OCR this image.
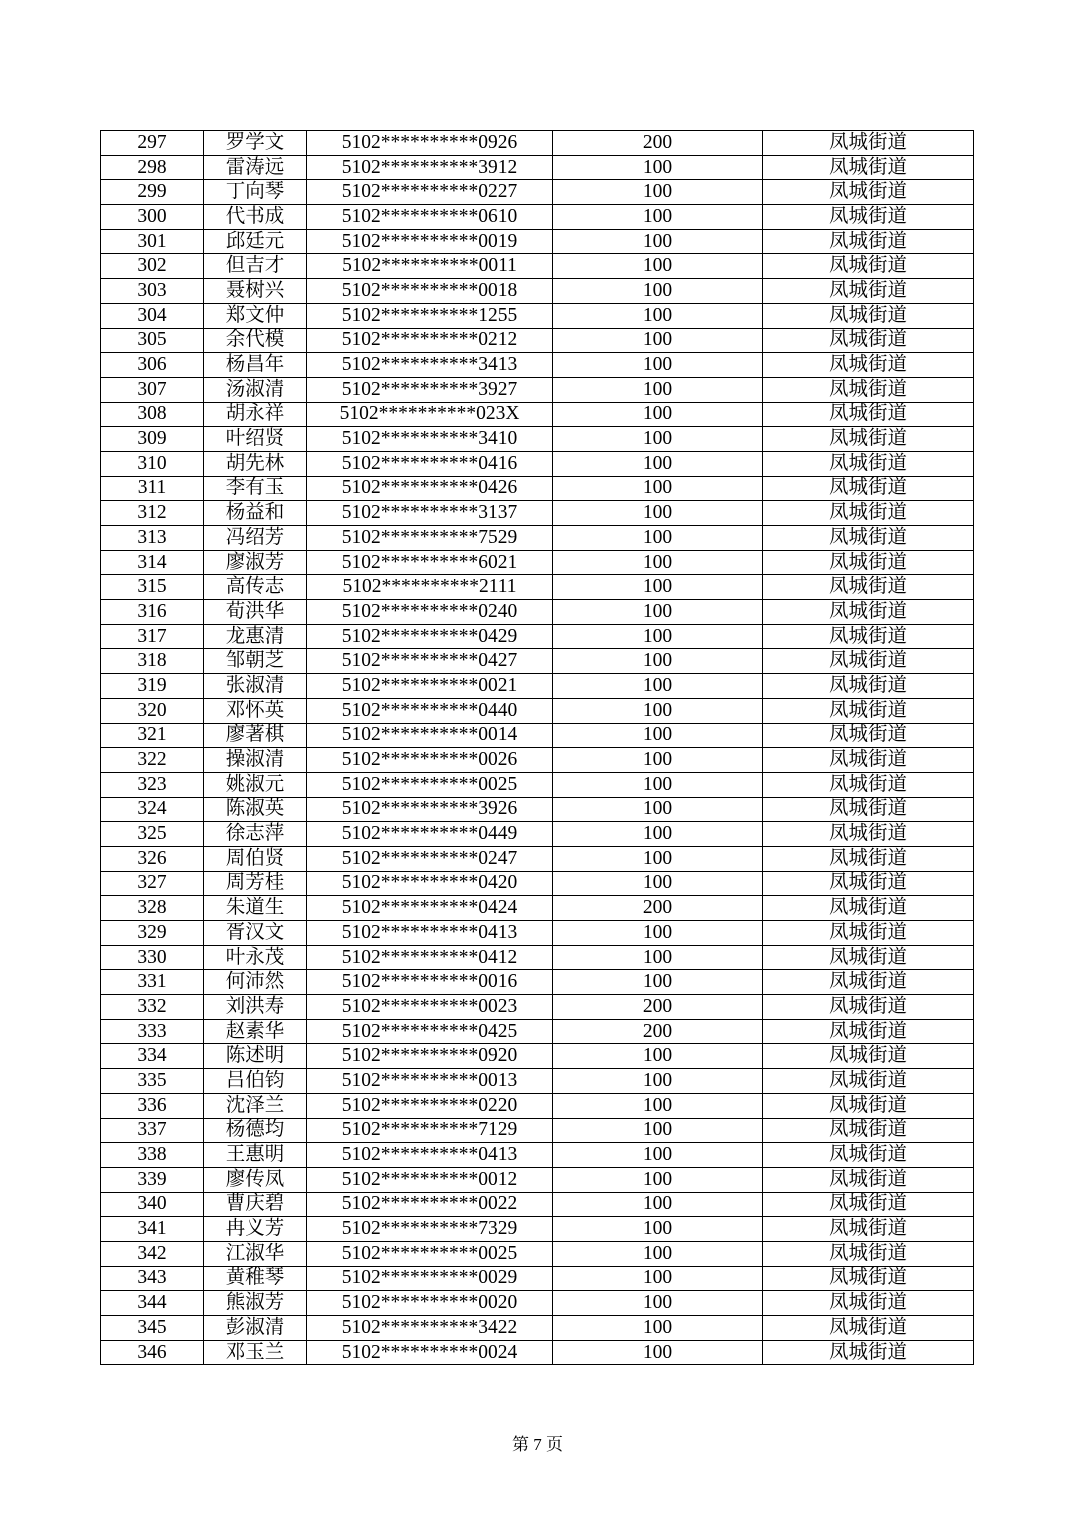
297	罗学文	5102**********0926	200	凤城街道
298	雷涛远	5102**********3912	100	凤城街道
299	丁向琴	5102**********0227	100	凤城街道
300	代书成	5102**********0610	100	凤城街道
301	邱廷元	5102**********0019	100	凤城街道
302	但吉才	5102**********0011	100	凤城街道
303	聂树兴	5102**********0018	100	凤城街道
304	郑文仲	5102**********1255	100	凤城街道
305	余代模	5102**********0212	100	凤城街道
306	杨昌年	5102**********3413	100	凤城街道
307	汤淑清	5102**********3927	100	凤城街道
308	胡永祥	5102**********023X	100	凤城街道
309	叶绍贤	5102**********3410	100	凤城街道
310	胡先林	5102**********0416	100	凤城街道
311	李有玉	5102**********0426	100	凤城街道
312	杨益和	5102**********3137	100	凤城街道
313	冯绍芳	5102**********7529	100	凤城街道
314	廖淑芳	5102**********6021	100	凤城街道
315	高传志	5102**********2111	100	凤城街道
316	荀洪华	5102**********0240	100	凤城街道
317	龙惠清	5102**********0429	100	凤城街道
318	邹朝芝	5102**********0427	100	凤城街道
319	张淑清	5102**********0021	100	凤城街道
320	邓怀英	5102**********0440	100	凤城街道
321	廖著棋	5102**********0014	100	凤城街道
322	操淑清	5102**********0026	100	凤城街道
323	姚淑元	5102**********0025	100	凤城街道
324	陈淑英	5102**********3926	100	凤城街道
325	徐志萍	5102**********0449	100	凤城街道
326	周伯贤	5102**********0247	100	凤城街道
327	周芳桂	5102**********0420	100	凤城街道
328	朱道生	5102**********0424	200	凤城街道
329	胥汉文	5102**********0413	100	凤城街道
330	叶永茂	5102**********0412	100	凤城街道
331	何沛然	5102**********0016	100	凤城街道
332	刘洪寿	5102**********0023	200	凤城街道
333	赵素华	5102**********0425	200	凤城街道
334	陈述明	5102**********0920	100	凤城街道
335	吕伯钧	5102**********0013	100	凤城街道
336	沈泽兰	5102**********0220	100	凤城街道
337	杨德均	5102**********7129	100	凤城街道
338	王惠明	5102**********0413	100	凤城街道
339	廖传凤	5102**********0012	100	凤城街道
340	曹庆碧	5102**********0022	100	凤城街道
341	冉义芳	5102**********7329	100	凤城街道
342	江淑华	5102**********0025	100	凤城街道
343	黄稚琴	5102**********0029	100	凤城街道
344	熊淑芳	5102**********0020	100	凤城街道
345	彭淑清	5102**********3422	100	凤城街道
346	邓玉兰	5102**********0024	100	凤城街道
第 7 页
